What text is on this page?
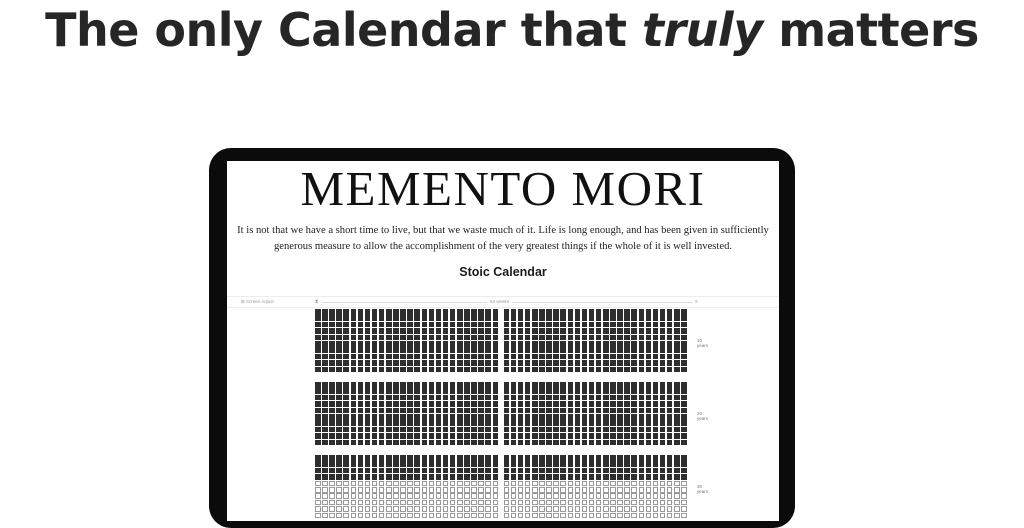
The only Calendar that truly matters
MEMENTO MORI

It is not that we have a short time to live, but that we waste much of it. Life is long enough, and has been given in sufficiently generous measure to allow the accomplishment of the very greatest things if the whole of it is well invested.

Stoic Calendar
⊞ Screen Adjust	⧗	52 weeks	≡
10 years
20 years
30 years
